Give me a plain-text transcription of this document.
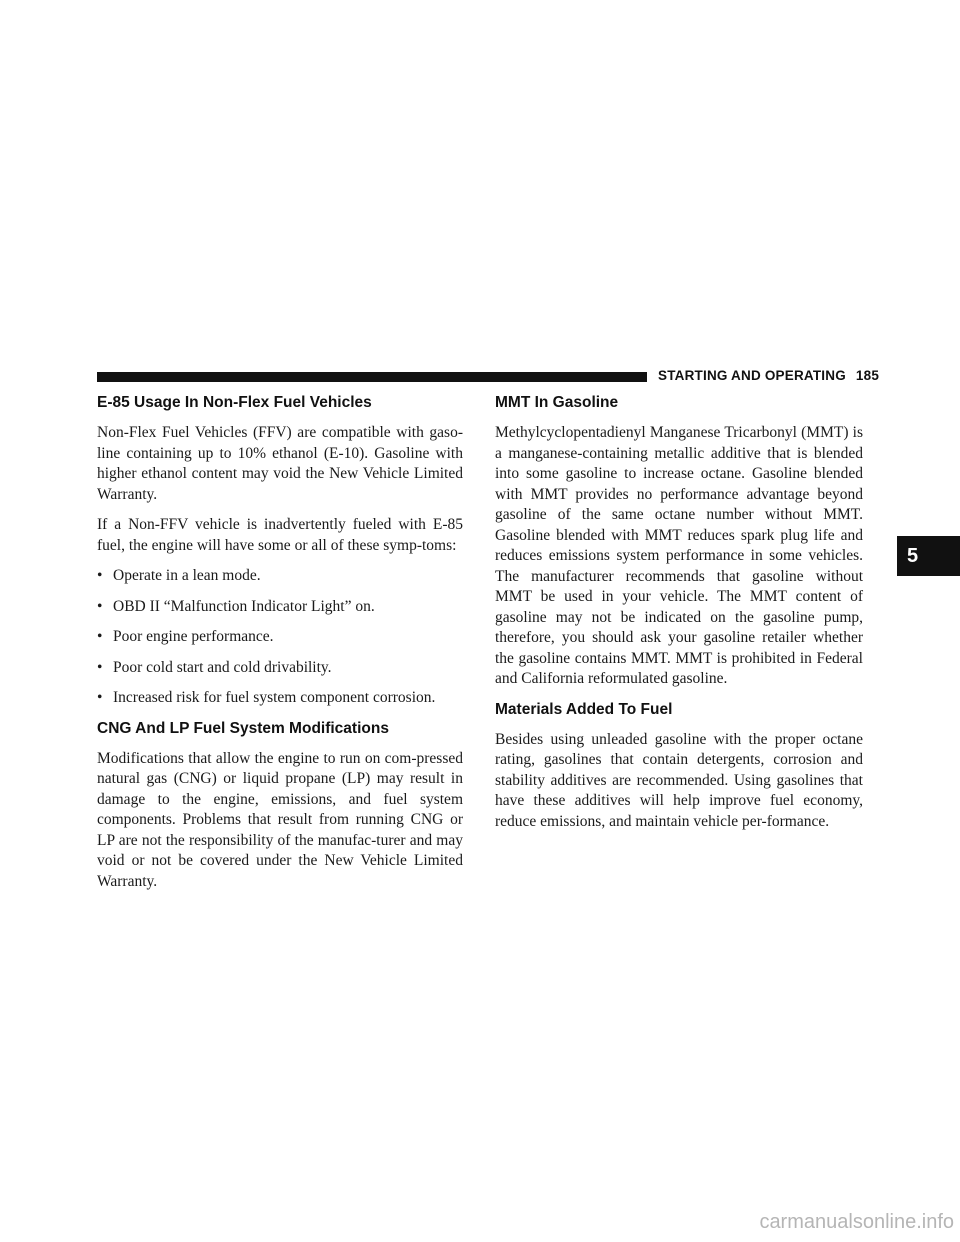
STARTING AND OPERATING 185
5
E-85 Usage In Non-Flex Fuel Vehicles

Non-Flex Fuel Vehicles (FFV) are compatible with gaso-line containing up to 10% ethanol (E-10). Gasoline with higher ethanol content may void the New Vehicle Limited Warranty.

If a Non-FFV vehicle is inadvertently fueled with E-85 fuel, the engine will have some or all of these symp-toms:

• Operate in a lean mode.
• OBD II “Malfunction Indicator Light” on.
• Poor engine performance.
• Poor cold start and cold drivability.
• Increased risk for fuel system component corrosion.
CNG And LP Fuel System Modifications

Modifications that allow the engine to run on com-pressed natural gas (CNG) or liquid propane (LP) may result in damage to the engine, emissions, and fuel system components. Problems that result from running CNG or LP are not the responsibility of the manufac-turer and may void or not be covered under the New Vehicle Limited Warranty.

MMT In Gasoline

Methylcyclopentadienyl Manganese Tricarbonyl (MMT) is a manganese-containing metallic additive that is blended into some gasoline to increase octane. Gasoline blended with MMT provides no performance advantage beyond gasoline of the same octane number without MMT. Gasoline blended with MMT reduces spark plug life and reduces emissions system performance in some vehicles. The manufacturer recommends that gasoline without MMT be used in your vehicle. The MMT content of gasoline may not be indicated on the gasoline pump, therefore, you should ask your gasoline retailer whether the gasoline contains MMT. MMT is prohibited in Federal and California reformulated gasoline.

Materials Added To Fuel

Besides using unleaded gasoline with the proper octane rating, gasolines that contain detergents, corrosion and stability additives are recommended. Using gasolines that have these additives will help improve fuel economy, reduce emissions, and maintain vehicle per-formance.

carmanualsonline.info
